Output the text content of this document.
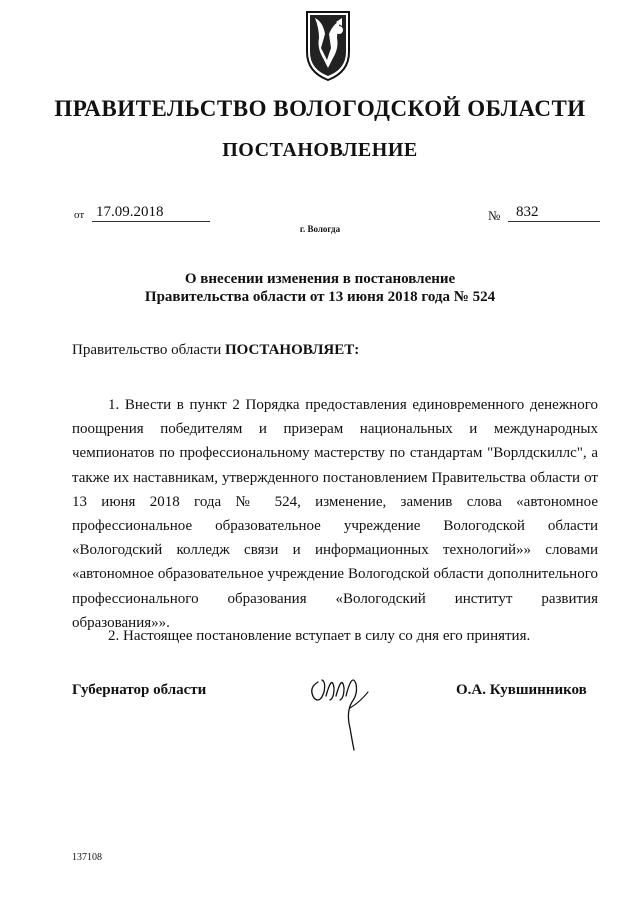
ПРАВИТЕЛЬСТВО ВОЛОГОДСКОЙ ОБЛАСТИ
ПОСТАНОВЛЕНИЕ
от 17.09.2018	№	832
г. Вологда
О внесении изменения в постановление
Правительства области от 13 июня 2018 года № 524
Правительство области ПОСТАНОВЛЯЕТ:
1. Внести в пункт 2 Порядка предоставления единовременного денежного поощрения победителям и призерам национальных и международных чемпионатов по профессиональному мастерству по стандартам "Ворлдскиллс", а также их наставникам, утвержденного постановлением Правительства области от 13 июня 2018 года № 524, изменение, заменив слова «автономное профессиональное образовательное учреждение Вологодской области «Вологодский колледж связи и информационных технологий»» словами «автономное образовательное учреждение Вологодской области дополнительного профессионального образования «Вологодский институт развития образования»».
2. Настоящее постановление вступает в силу со дня его принятия.
Губернатор области	О.А. Кувшинников
137108
